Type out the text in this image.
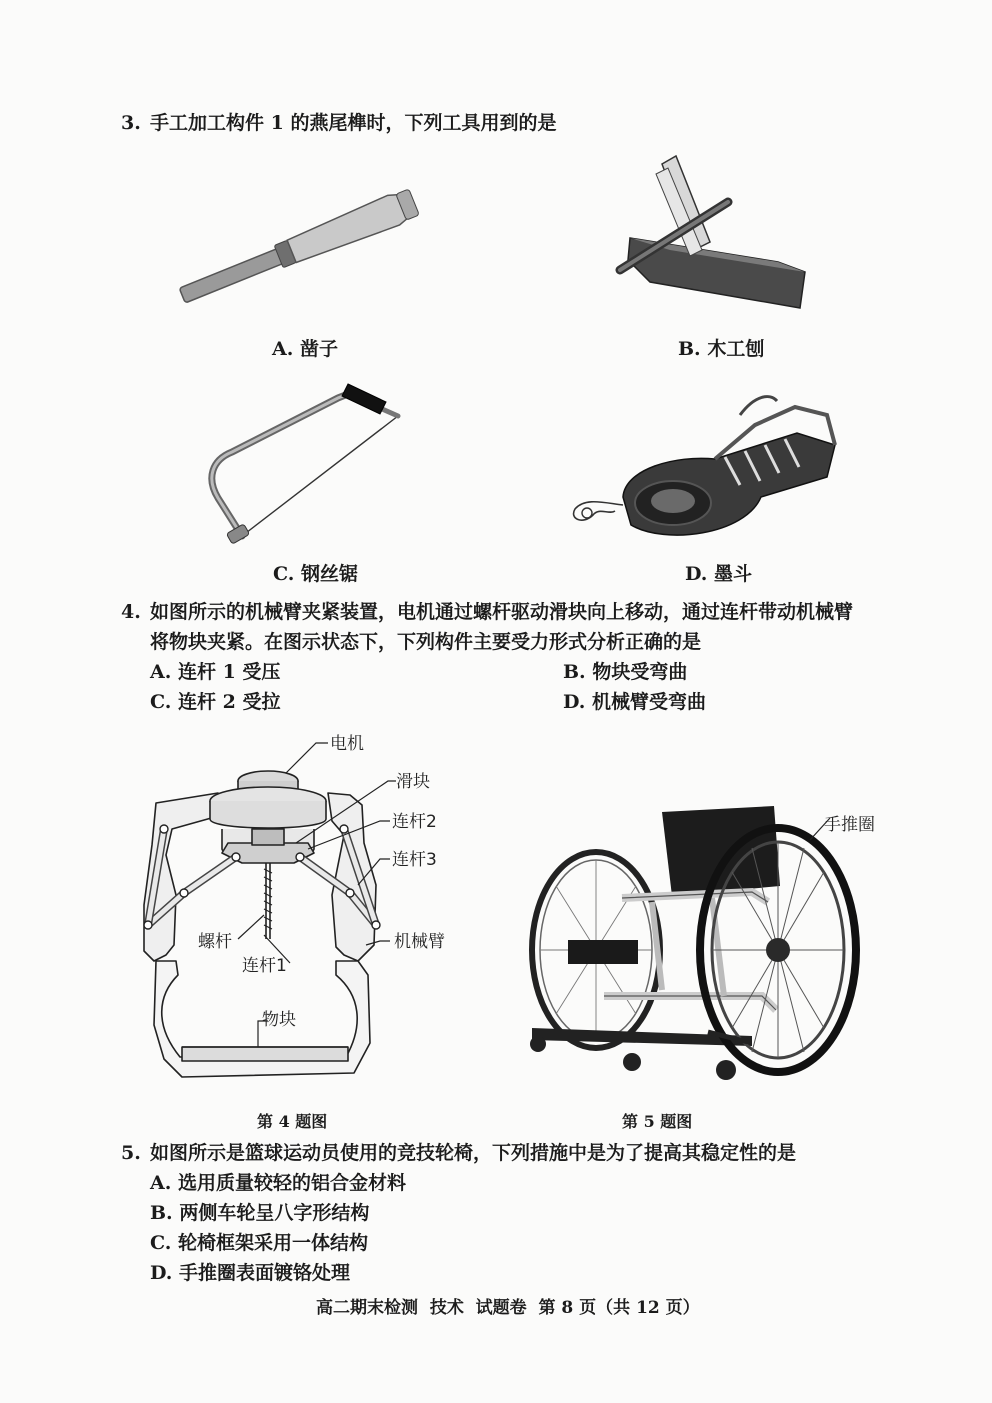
3. 手工加工构件 1 的燕尾榫时，下列工具用到的是
A. 凿子	B. 木工刨
C. 钢丝锯	D. 墨斗
4. 如图所示的机械臂夹紧装置，电机通过螺杆驱动滑块向上移动，通过连杆带动机械臂
将物块夹紧。在图示状态下，下列构件主要受力形式分析正确的是
A. 连杆 1 受压	B. 物块受弯曲
C. 连杆 2 受拉	D. 机械臂受弯曲
电机
滑块
连杆2
连杆3
螺杆
连杆1
机械臂
物块
第 4 题图
手推圈
第 5 题图
5. 如图所示是篮球运动员使用的竞技轮椅，下列措施中是为了提高其稳定性的是
A. 选用质量较轻的铝合金材料
B. 两侧车轮呈八字形结构
C. 轮椅框架采用一体结构
D. 手推圈表面镀铬处理
高二期末检测  技术  试题卷  第 8 页（共 12 页）
